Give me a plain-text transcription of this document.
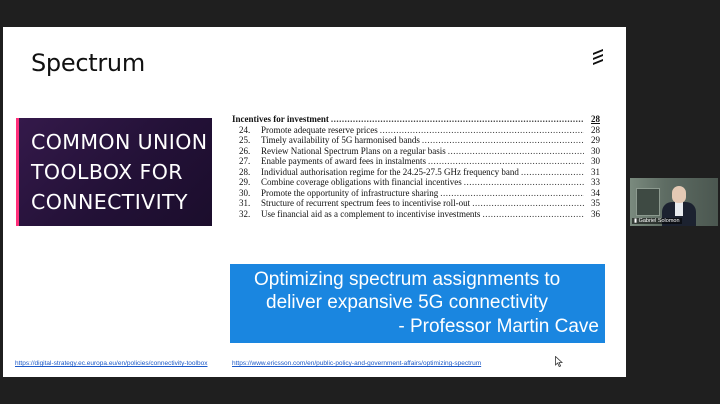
Spectrum
COMMON UNION
TOOLBOX FOR
CONNECTIVITY
Incentives for investment .....	28
24.	Promote adequate reserve prices .....	28
25.	Timely availability of 5G harmonised bands .....	29
26.	Review National Spectrum Plans on a regular basis .....	30
27.	Enable payments of award fees in instalments .....	30
28.	Individual authorisation regime for the 24.25-27.5 GHz frequency band .....	31
29.	Combine coverage obligations with financial incentives .....	33
30.	Promote the opportunity of infrastructure sharing .....	34
31.	Structure of recurrent spectrum fees to incentivise roll-out .....	35
32.	Use financial aid as a complement to incentivise investments .....	36
Optimizing spectrum assignments to
deliver expansive 5G connectivity
- Professor Martin Cave
https://digital-strategy.ec.europa.eu/en/policies/connectivity-toolbox	https://www.ericsson.com/en/public-policy-and-government-affairs/optimizing-spectrum
▮ Gabriel Solomon
